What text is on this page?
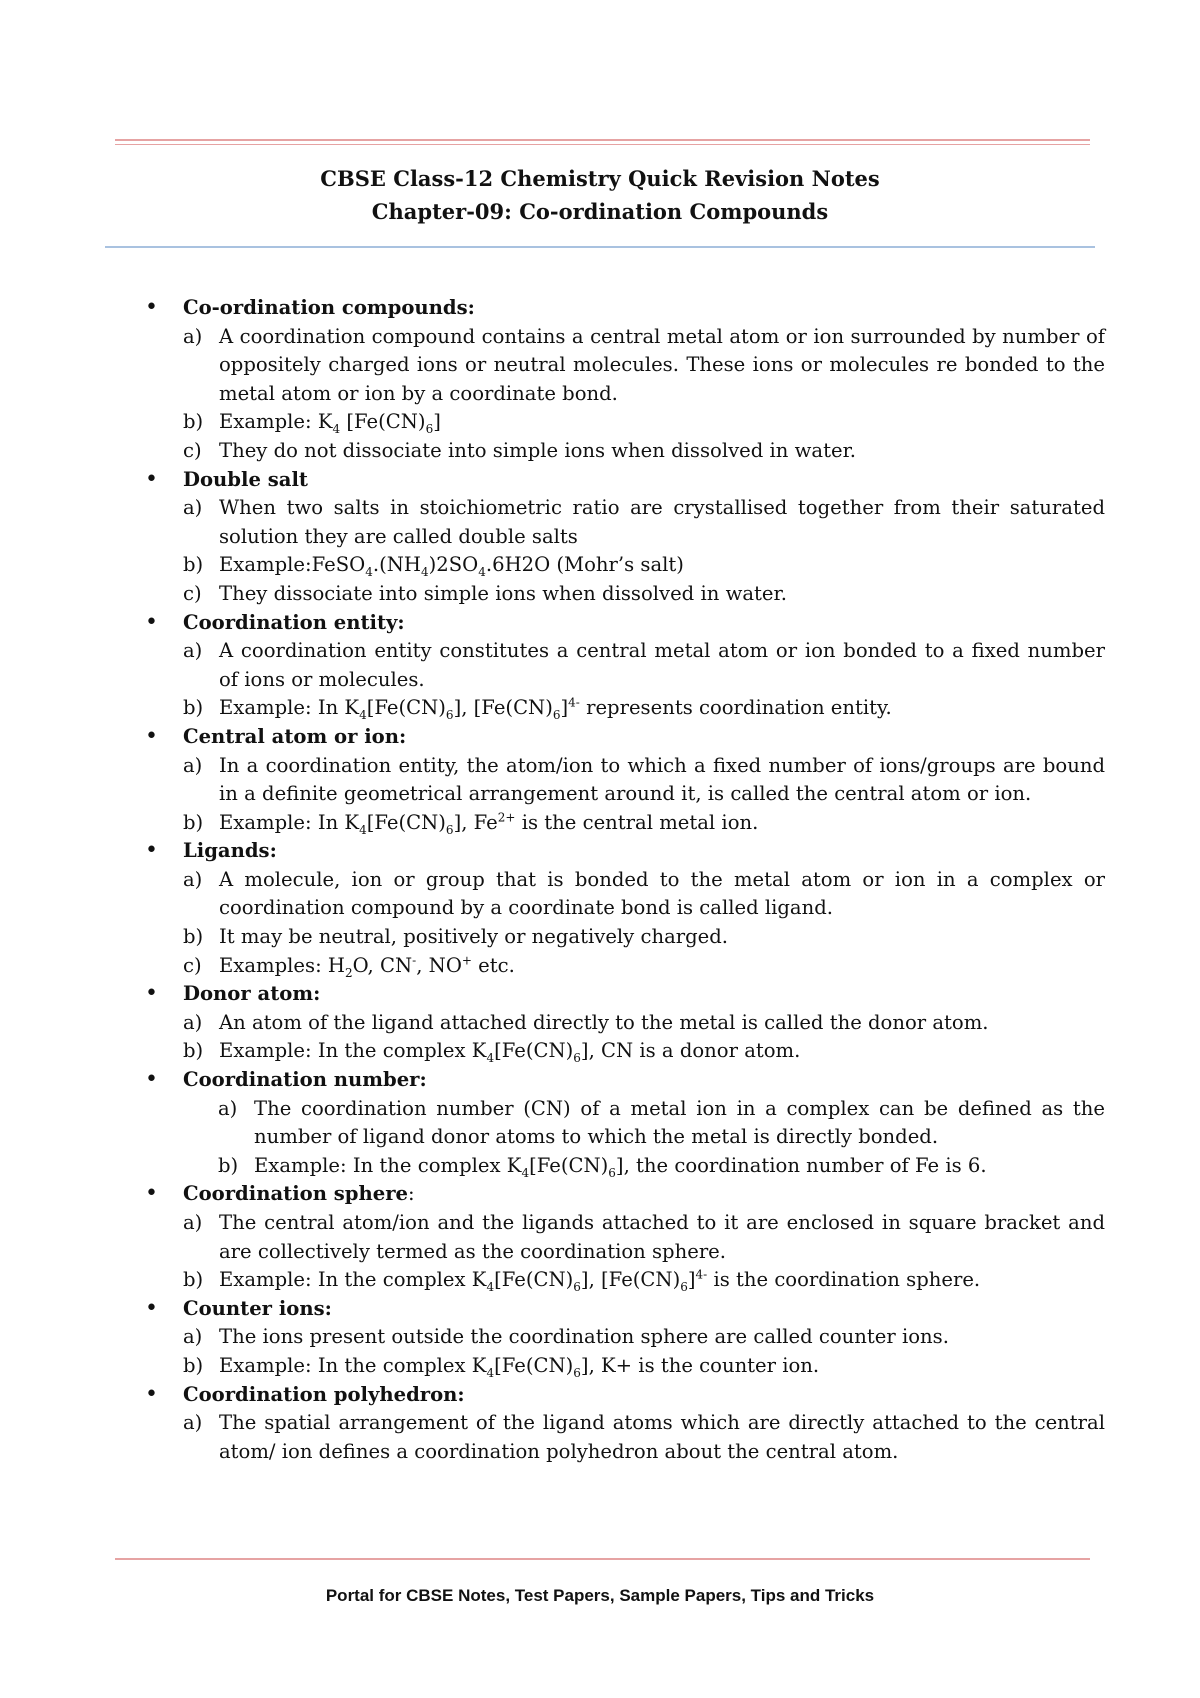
CBSE Class-12 Chemistry Quick Revision Notes
Chapter-09: Co-ordination Compounds
• Co-ordination compounds:
a) A coordination compound contains a central metal atom or ion surrounded by number of oppositely charged ions or neutral molecules. These ions or molecules re bonded to the metal atom or ion by a coordinate bond.
b) Example: $K_4$ $[Fe(CN)_6]$
c) They do not dissociate into simple ions when dissolved in water.
• Double salt
a) When two salts in stoichiometric ratio are crystallised together from their saturated solution they are called double salts
b) $Example:FeSO_4.(NH_4)2SO_4.6H2O$ (Mohr’s salt)
c) They dissociate into simple ions when dissolved in water.
• Coordination entity:
a) A coordination entity constitutes a central metal atom or ion bonded to a fixed number of ions or molecules.
b) Example: In $K_4[Fe(CN)_6]$, $[Fe(CN)_6]^{4-}$ represents coordination entity.
• Central atom or ion:
a) In a coordination entity, the atom/ion to which a fixed number of ions/groups are bound in a definite geometrical arrangement around it, is called the central atom or ion.
b) Example: In $K_4[Fe(CN)_6]$, $Fe^{2+}$ is the central metal ion.
• Ligands:
a) A molecule, ion or group that is bonded to the metal atom or ion in a complex or coordination compound by a coordinate bond is called ligand.
b) It may be neutral, positively or negatively charged.
c) Examples: $H_2O$, CN-, NO+ etc.
• Donor atom:
a) An atom of the ligand attached directly to the metal is called the donor atom.
b) Example: In the complex $K_4[Fe(CN)_6]$, CN is a donor atom.
• Coordination number:
a) The coordination number (CN) of a metal ion in a complex can be defined as the number of ligand donor atoms to which the metal is directly bonded.
b) Example: In the complex $K_4[Fe(CN)_6]$, the coordination number of Fe is 6.
• Coordination sphere:
a) The central atom/ion and the ligands attached to it are enclosed in square bracket and are collectively termed as the coordination sphere.
b) Example: In the complex $K_4[Fe(CN)_6]$, $[Fe(CN)_6]^{4-}$ is the coordination sphere.
• Counter ions:
a) The ions present outside the coordination sphere are called counter ions.
b) Example: In the complex $K_4[Fe(CN)_6]$, K+ is the counter ion.
• Coordination polyhedron:
a) The spatial arrangement of the ligand atoms which are directly attached to the central atom/ ion defines a coordination polyhedron about the central atom.
Portal for CBSE Notes, Test Papers, Sample Papers, Tips and Tricks
